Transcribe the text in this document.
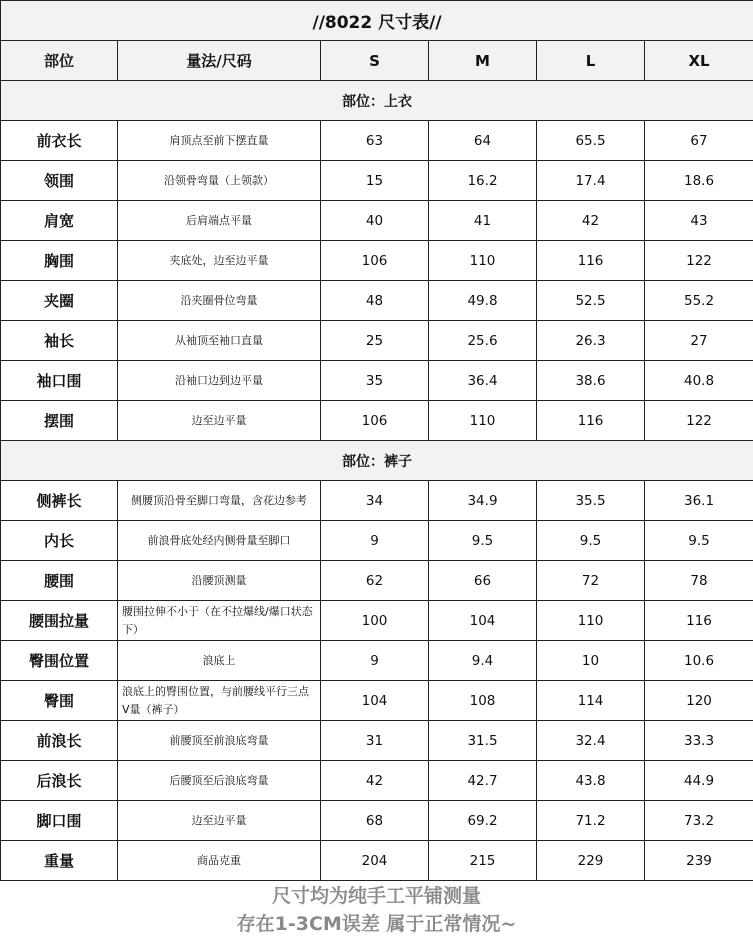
//8022 尺寸表//					
部位	量法/尺码	S	M	L	XL
部位：上衣					
前衣长	肩顶点至前下摆直量	63	64	65.5	67
领围	沿领骨弯量（上领款）	15	16.2	17.4	18.6
肩宽	后肩端点平量	40	41	42	43
胸围	夹底处，边至边平量	106	110	116	122
夹圈	沿夹圈骨位弯量	48	49.8	52.5	55.2
袖长	从袖顶至袖口直量	25	25.6	26.3	27
袖口围	沿袖口边到边平量	35	36.4	38.6	40.8
摆围	边至边平量	106	110	116	122
部位：裤子					
侧裤长	侧腰顶沿骨至脚口弯量，含花边参考	34	34.9	35.5	36.1
内长	前浪骨底处经内侧骨量至脚口	9	9.5	9.5	9.5
腰围	沿腰顶测量	62	66	72	78
腰围拉量	腰围拉伸不小于（在不拉爆线/爆口状态下）	100	104	110	116
臀围位置	浪底上	9	9.4	10	10.6
臀围	浪底上的臀围位置，与前腰线平行三点V量（裤子）	104	108	114	120
前浪长	前腰顶至前浪底弯量	31	31.5	32.4	33.3
后浪长	后腰顶至后浪底弯量	42	42.7	43.8	44.9
脚口围	边至边平量	68	69.2	71.2	73.2
重量	商品克重	204	215	229	239
尺寸均为纯手工平铺测量
存在1-3CM误差 属于正常情况~
